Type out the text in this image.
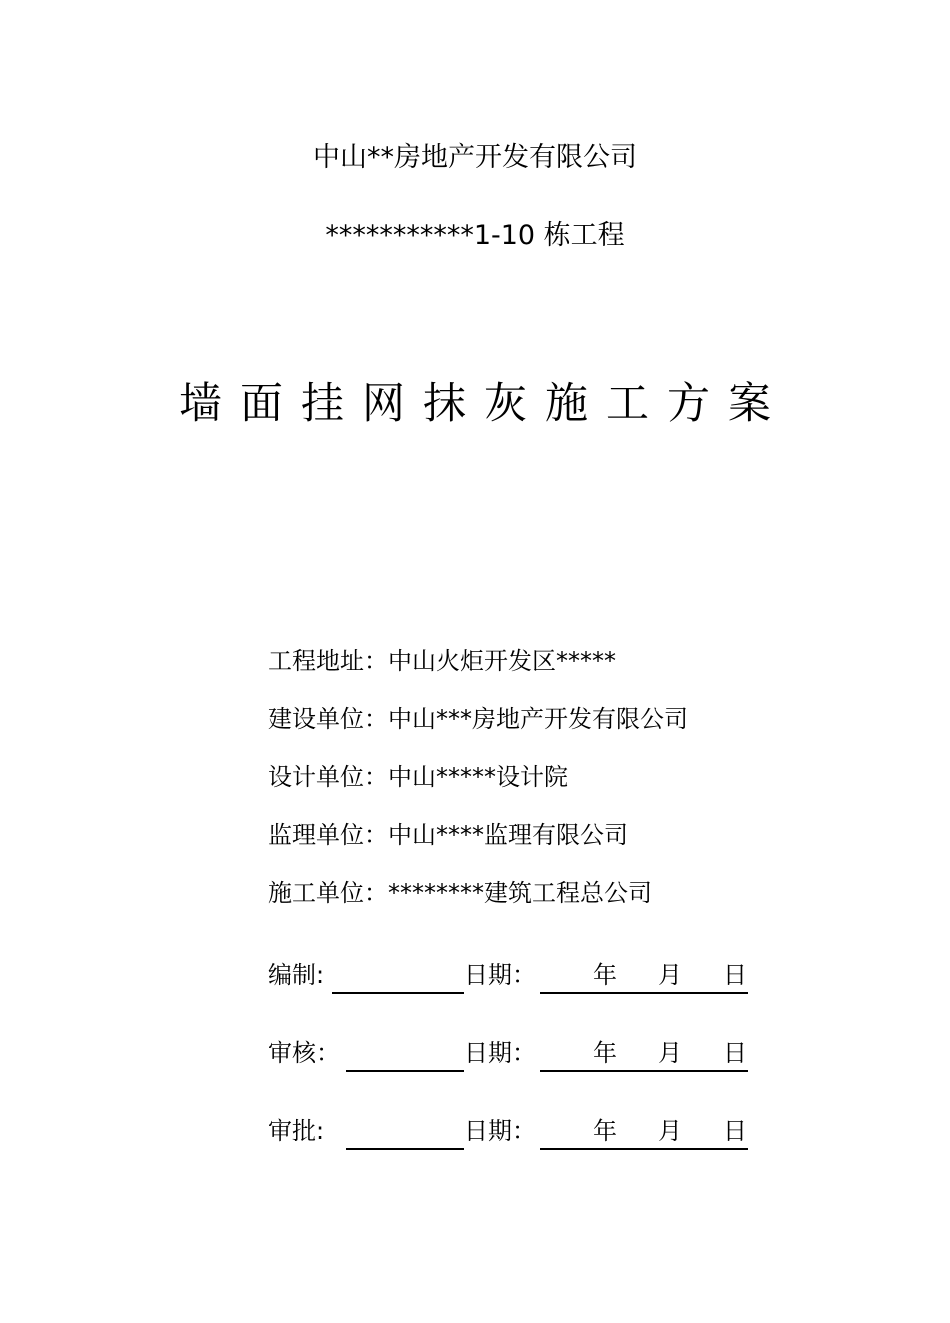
中山**房地产开发有限公司
***********1-10 栋工程
墙面挂网抹灰施工方案
工程地址：中山火炬开发区*****
建设单位：中山***房地产开发有限公司
设计单位：中山*****设计院
监理单位：中山****监理有限公司
施工单位：********建筑工程总公司
编制:	日期： 年 月 日
审核：	日期： 年 月 日
审批:	日期： 年 月 日
